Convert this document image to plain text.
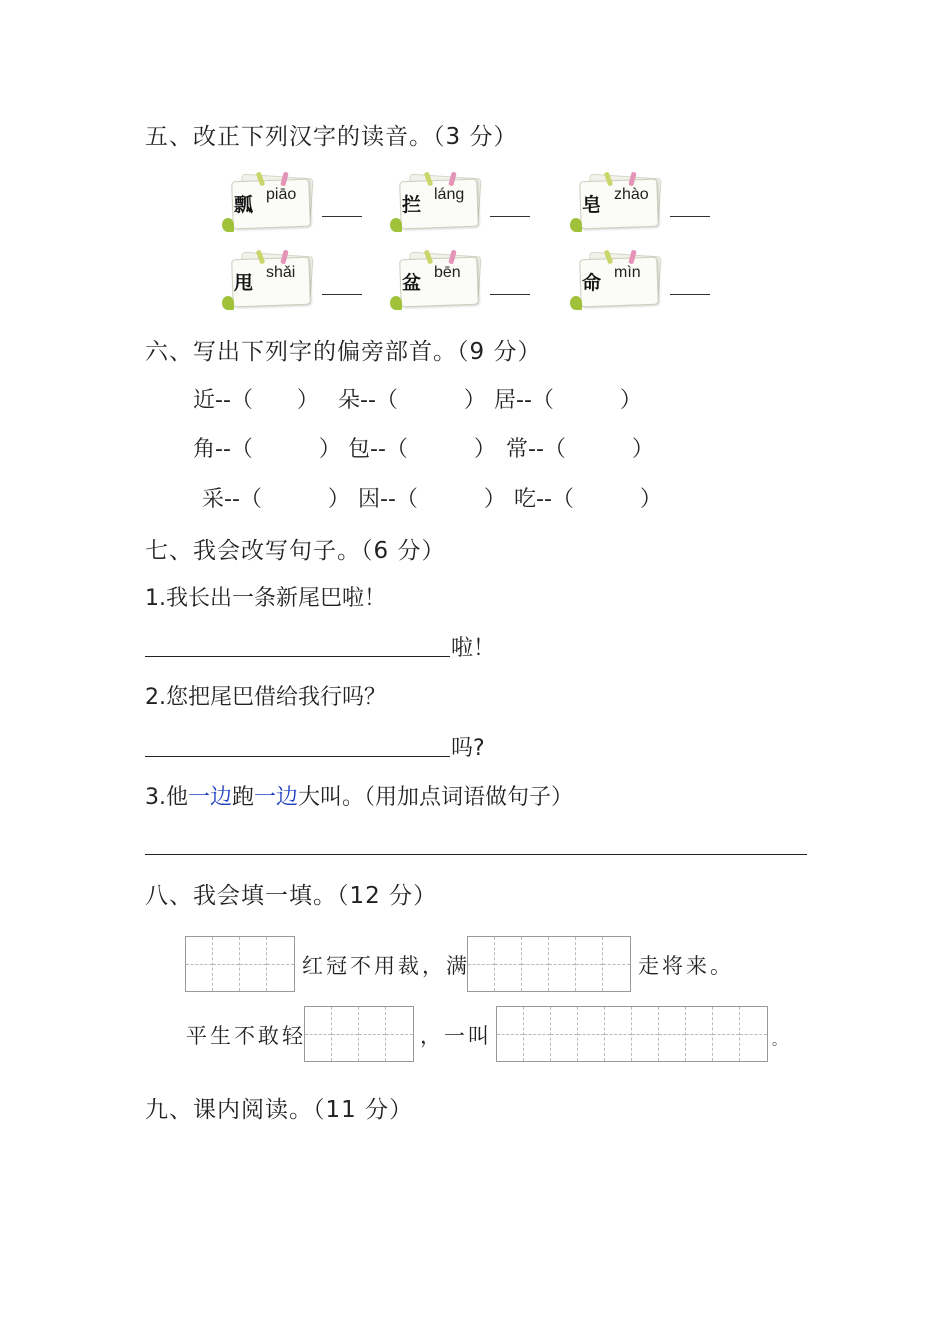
五、改正下列汉字的读音。（3 分）
瓢 piāo	拦 láng	皂 zhào
甩 shǎi	盆 bēn	命 mìn
六、写出下列字的偏旁部首。（9 分）
近--（　　） 朵--（　　　） 居--（　　　）
角--（　　　） 包--（　　　） 常--（　　　）
采--（　　　） 因--（　　　） 吃--（　　　）
七、我会改写句子。（6 分）
1.我长出一条新尾巴啦！
啦！
2.您把尾巴借给我行吗？
吗?
3.他一边跑一边大叫。（用加点词语做句子）
八、我会填一填。（12 分）
红冠不用裁，满	走将来。
平生不敢轻	，一叫	。
九、课内阅读。（11 分）
